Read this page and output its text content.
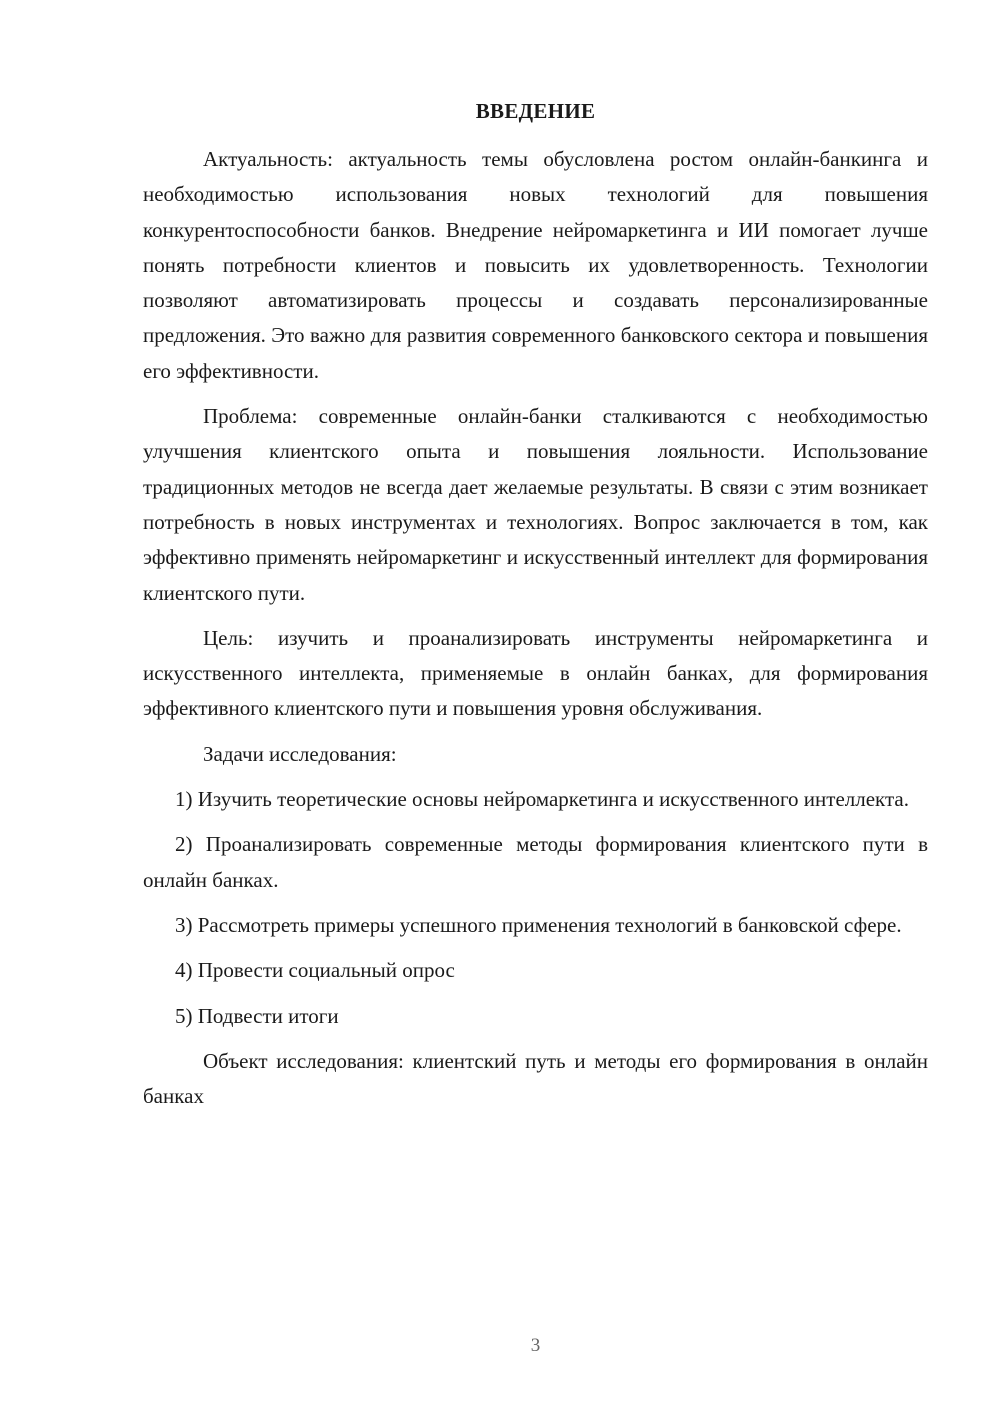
ВВЕДЕНИЕ

Актуальность: актуальность темы обусловлена ростом онлайн-банкинга и необходимостью использования новых технологий для повышения конкурентоспособности банков. Внедрение нейромаркетинга и ИИ помогает лучше понять потребности клиентов и повысить их удовлетворенность. Технологии позволяют автоматизировать процессы и создавать персонализированные предложения. Это важно для развития современного банковского сектора и повышения его эффективности.

Проблема: современные онлайн-банки сталкиваются с необходимостью улучшения клиентского опыта и повышения лояльности. Использование традиционных методов не всегда дает желаемые результаты. В связи с этим возникает потребность в новых инструментах и технологиях. Вопрос заключается в том, как эффективно применять нейромаркетинг и искусственный интеллект для формирования клиентского пути.

Цель: изучить и проанализировать инструменты нейромаркетинга и искусственного интеллекта, применяемые в онлайн банках, для формирования эффективного клиентского пути и повышения уровня обслуживания.

Задачи исследования:

1) Изучить теоретические основы нейромаркетинга и искусственного интеллекта.

2) Проанализировать современные методы формирования клиентского пути в онлайн банках.

3) Рассмотреть примеры успешного применения технологий в банковской сфере.

4) Провести социальный опрос

5) Подвести итоги

Объект исследования: клиентский путь и методы его формирования в онлайн банках

3
